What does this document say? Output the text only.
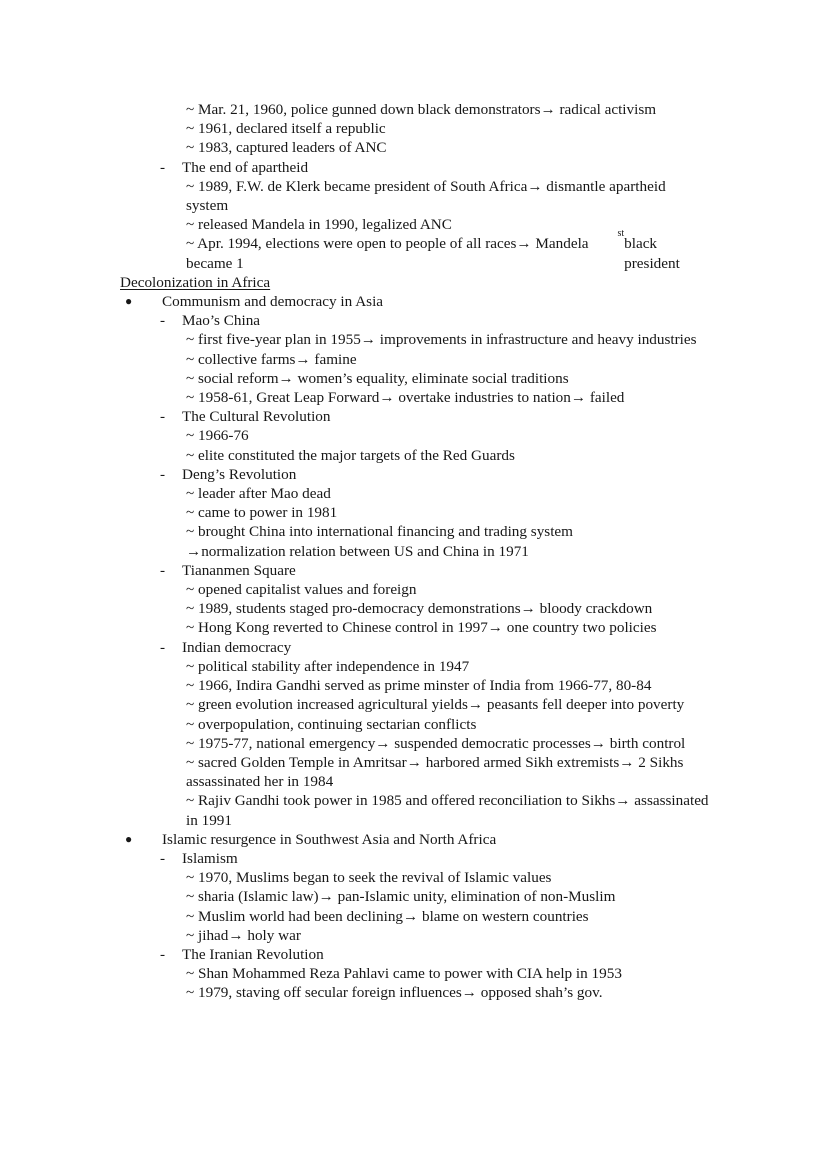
~ Mar. 21, 1960, police gunned down black demonstrators→ radical activism
~ 1961, declared itself a republic
~ 1983, captured leaders of ANC
-	The end of apartheid
~ 1989, F.W. de Klerk became president of South Africa→ dismantle apartheid system
~ released Mandela in 1990, legalized ANC
~ Apr. 1994, elections were open to people of all races→ Mandela became 1
st
black president
Decolonization in Africa
●	Communism and democracy in Asia
-	Mao’s China
~ first five-year plan in 1955→ improvements in infrastructure and heavy industries
~ collective farms→ famine
~ social reform→ women’s equality, eliminate social traditions
~ 1958-61, Great Leap Forward→ overtake industries to nation→ failed
-	The Cultural Revolution
~ 1966-76
~ elite constituted the major targets of the Red Guards
-	Deng’s Revolution
~ leader after Mao dead
~ came to power in 1981
~ brought China into international financing and trading system
→normalization relation between US and China in 1971
-	Tiananmen Square
~ opened capitalist values and foreign
~ 1989, students staged pro-democracy demonstrations→ bloody crackdown
~ Hong Kong reverted to Chinese control in 1997→ one country two policies
-	Indian democracy
~ political stability after independence in 1947
~ 1966, Indira Gandhi served as prime minster of India from 1966-77, 80-84
~ green evolution increased agricultural yields→ peasants fell deeper into poverty
~ overpopulation, continuing sectarian conflicts
~ 1975-77, national emergency→ suspended democratic processes→ birth control
~ sacred Golden Temple in Amritsar→ harbored armed Sikh extremists→ 2 Sikhs assassinated her in 1984
~ Rajiv Gandhi took power in 1985 and offered reconciliation to Sikhs→ assassinated in 1991
●	Islamic resurgence in Southwest Asia and North Africa
-	Islamism
~ 1970, Muslims began to seek the revival of Islamic values
~ sharia (Islamic law)→ pan-Islamic unity, elimination of non-Muslim
~ Muslim world had been declining→ blame on western countries
~ jihad→ holy war
-	The Iranian Revolution
~ Shan Mohammed Reza Pahlavi came to power with CIA help in 1953
~ 1979, staving off secular foreign influences→ opposed shah’s gov.
